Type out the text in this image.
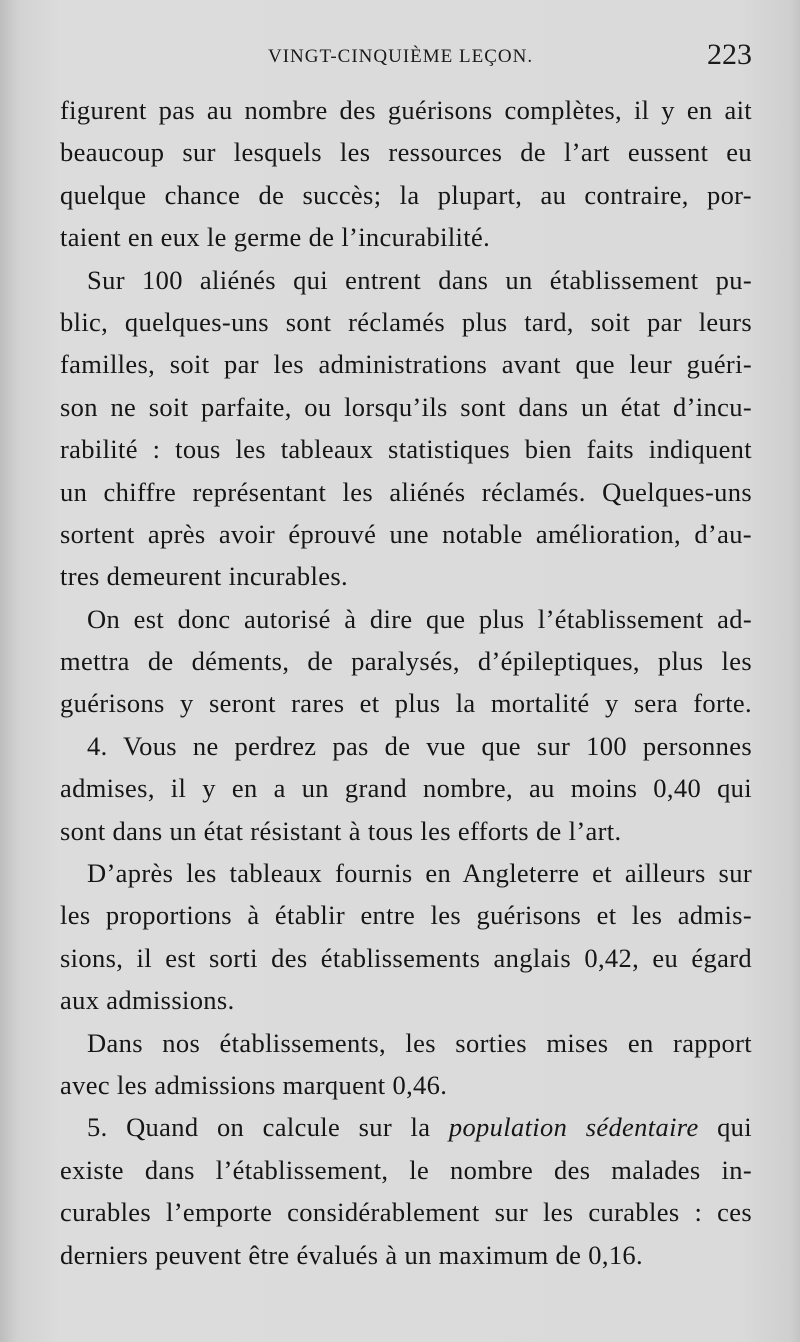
VINGT-CINQUIÈME LEÇON.	223
figurent pas au nombre des guérisons complètes, il y en ait
beaucoup sur lesquels les ressources de l’art eussent eu
quelque chance de succès; la plupart, au contraire, por-
taient en eux le germe de l’incurabilité.
Sur 100 aliénés qui entrent dans un établissement pu-
blic, quelques-uns sont réclamés plus tard, soit par leurs
familles, soit par les administrations avant que leur guéri-
son ne soit parfaite, ou lorsqu’ils sont dans un état d’incu-
rabilité : tous les tableaux statistiques bien faits indiquent
un chiffre représentant les aliénés réclamés. Quelques-uns
sortent après avoir éprouvé une notable amélioration, d’au-
tres demeurent incurables.
On est donc autorisé à dire que plus l’établissement ad-
mettra de déments, de paralysés, d’épileptiques, plus les
guérisons y seront rares et plus la mortalité y sera forte.
4. Vous ne perdrez pas de vue que sur 100 personnes
admises, il y en a un grand nombre, au moins 0,40 qui
sont dans un état résistant à tous les efforts de l’art.
D’après les tableaux fournis en Angleterre et ailleurs sur
les proportions à établir entre les guérisons et les admis-
sions, il est sorti des établissements anglais 0,42, eu égard
aux admissions.
Dans nos établissements, les sorties mises en rapport
avec les admissions marquent 0,46.
5. Quand on calcule sur la population sédentaire qui
existe dans l’établissement, le nombre des malades in-
curables l’emporte considérablement sur les curables : ces
derniers peuvent être évalués à un maximum de 0,16.
